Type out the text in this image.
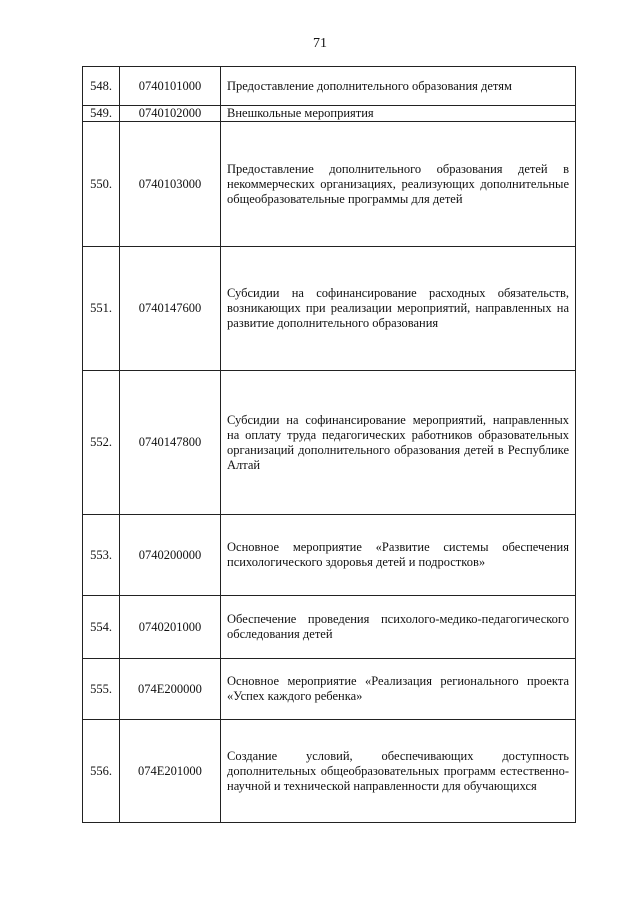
71
548.	0740101000	Предоставление дополнительного образования детям
549.	0740102000	Внешкольные мероприятия
550.	0740103000	Предоставление дополнительного образования детей в некоммерческих организациях, реализующих дополнительные общеобразовательные программы для детей
551.	0740147600	Субсидии на софинансирование расходных обязательств, возникающих при реализации мероприятий, направленных на развитие дополнительного образования
552.	0740147800	Субсидии на софинансирование мероприятий, направленных на оплату труда педагогических работников образовательных организаций дополнительного образования детей в Республике Алтай
553.	0740200000	Основное мероприятие «Развитие системы обеспечения психологического здоровья детей и подростков»
554.	0740201000	Обеспечение проведения психолого-медико-педагогического обследования детей
555.	074E200000	Основное мероприятие «Реализация регионального проекта «Успех каждого ребенка»
556.	074E201000	Создание условий, обеспечивающих доступность дополнительных общеобразовательных программ естественно-научной и технической направленности для обучающихся
